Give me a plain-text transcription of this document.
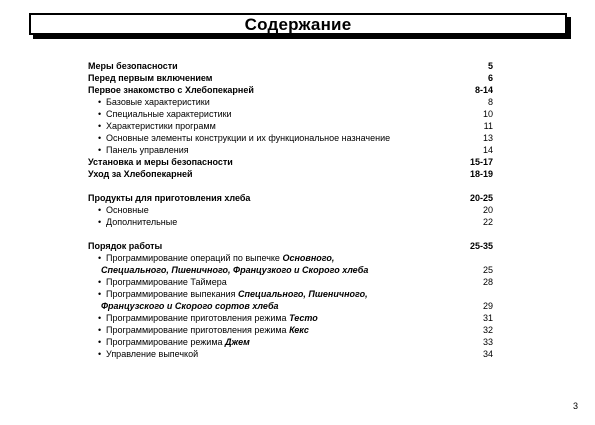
Содержание
Меры безопасности	5
Перед первым включением	6
Первое знакомство с Хлебопекарней	8-14
• Базовые характеристики	8
• Специальные характеристики	10
• Характеристики программ	11
• Основные элементы конструкции и их функциональное назначение	13
• Панель управления	14
Установка и меры безопасности	15-17
Уход за Хлебопекарней	18-19
Продукты для приготовления хлеба	20-25
• Основные	20
• Дополнительные	22
Порядок работы	25-35
• Программирование операций по выпечке Основного,
Специального, Пшеничного, Французкого и Скорого хлеба	25
• Программирование Таймера	28
• Программирование выпекания Специального, Пшеничного,
Французского и Скорого сортов хлеба	29
• Программирование приготовления режима Тесто	31
• Программирование приготовления режима Кекс	32
• Программирование режима Джем	33
• Управление выпечкой	34
3
